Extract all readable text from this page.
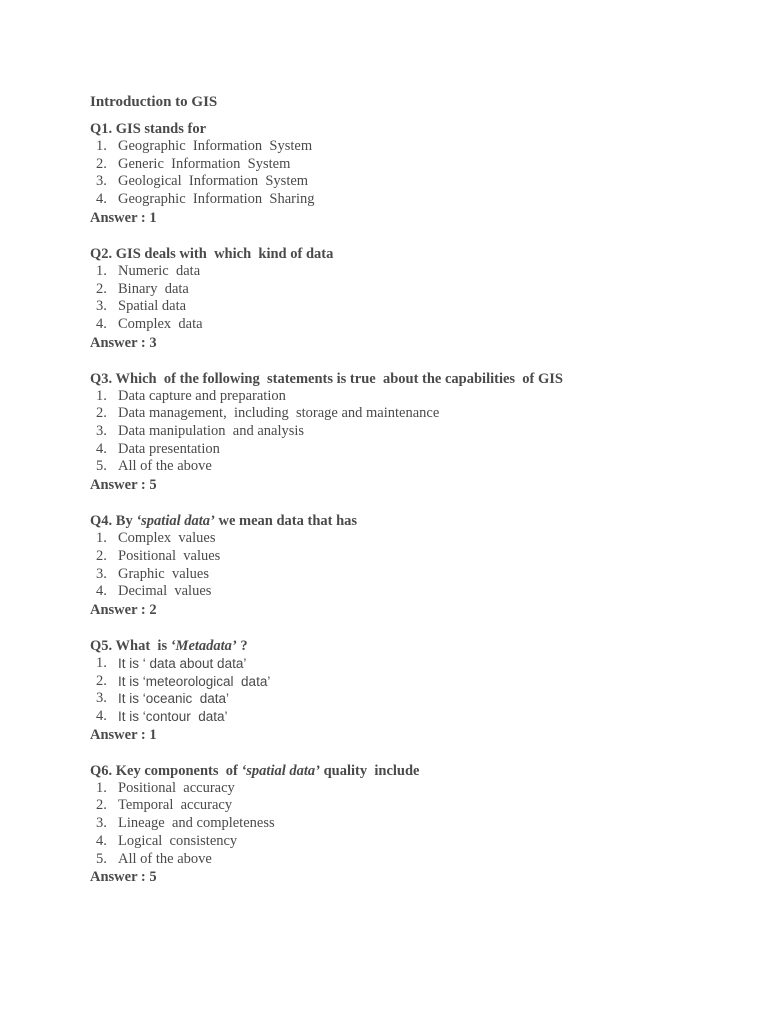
Introduction to GIS

Q1. GIS stands for

1. Geographic  Information  System
2. Generic  Information  System
3. Geological  Information  System
4. Geographic  Information  Sharing
Answer : 1

Q2. GIS deals with  which  kind of data

1. Numeric  data
2. Binary  data
3. Spatial data
4. Complex  data
Answer : 3

Q3. Which  of the following  statements is true  about the capabilities  of GIS

1. Data capture and preparation
2. Data management,  including  storage and maintenance
3. Data manipulation  and analysis
4. Data presentation
5. All of the above
Answer : 5

Q4. By ‘spatial data’ we mean data that has

1. Complex  values
2. Positional  values
3. Graphic  values
4. Decimal  values
Answer : 2

Q5. What  is ‘Metadata’ ?

1. It is ‘ data about data’
2. It is ‘meteorological  data’
3. It is ‘oceanic  data’
4. It is ‘contour  data’
Answer : 1

Q6. Key components  of ‘spatial data’ quality  include

1. Positional  accuracy
2. Temporal  accuracy
3. Lineage  and completeness
4. Logical  consistency
5. All of the above
Answer : 5
